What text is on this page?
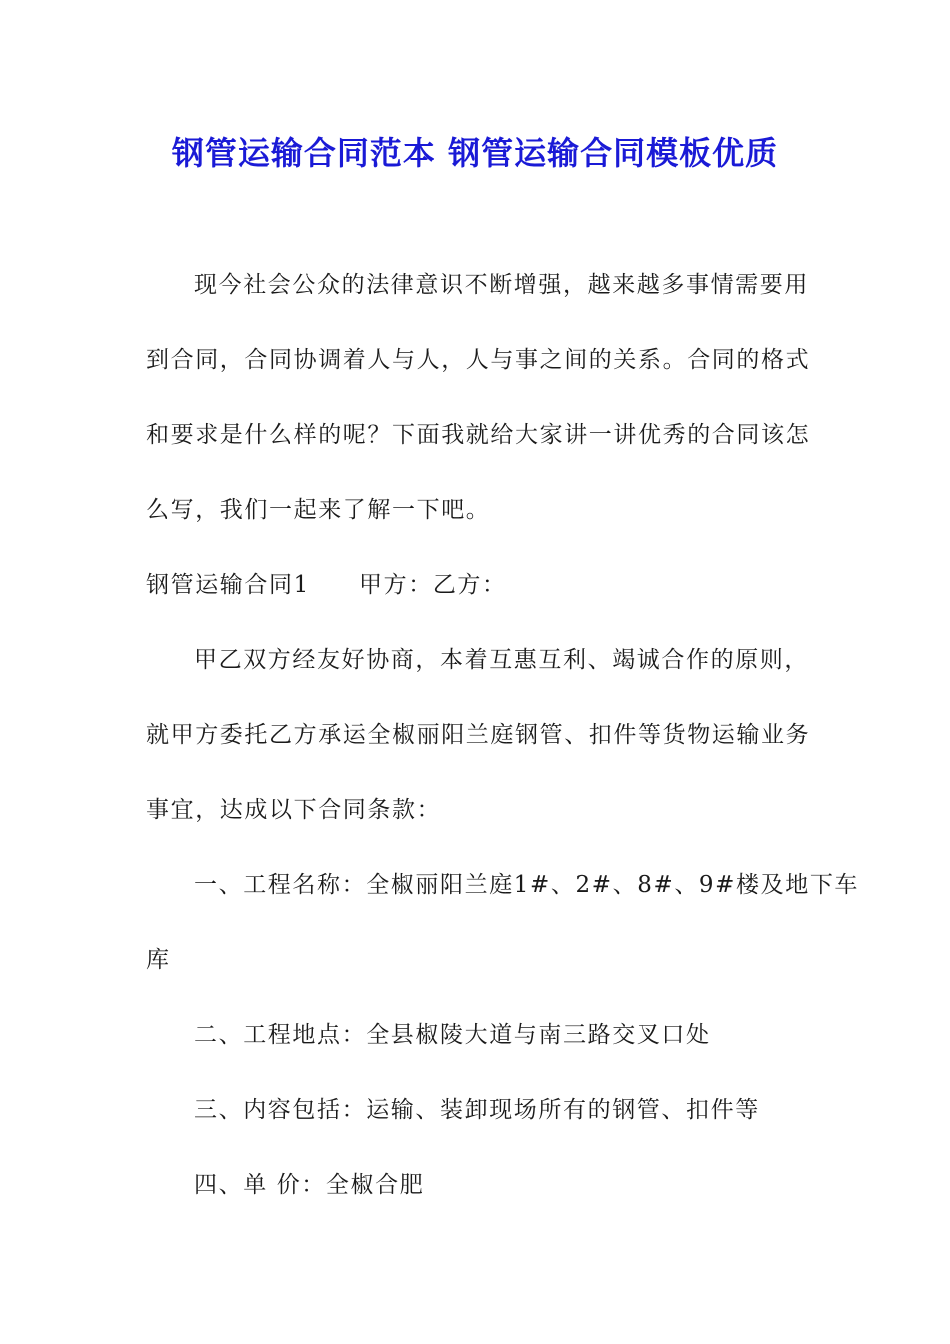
钢管运输合同范本 钢管运输合同模板优质
现今社会公众的法律意识不断增强，越来越多事情需要用
到合同，合同协调着人与人，人与事之间的关系。合同的格式
和要求是什么样的呢？下面我就给大家讲一讲优秀的合同该怎
么写，我们一起来了解一下吧。
钢管运输合同1　　甲方：乙方：
甲乙双方经友好协商，本着互惠互利、竭诚合作的原则，
就甲方委托乙方承运全椒丽阳兰庭钢管、扣件等货物运输业务
事宜，达成以下合同条款：
一、工程名称：全椒丽阳兰庭1#、2#、8#、9#楼及地下车
库
二、工程地点：全县椒陵大道与南三路交叉口处
三、内容包括：运输、装卸现场所有的钢管、扣件等
四、单 价：全椒合肥
